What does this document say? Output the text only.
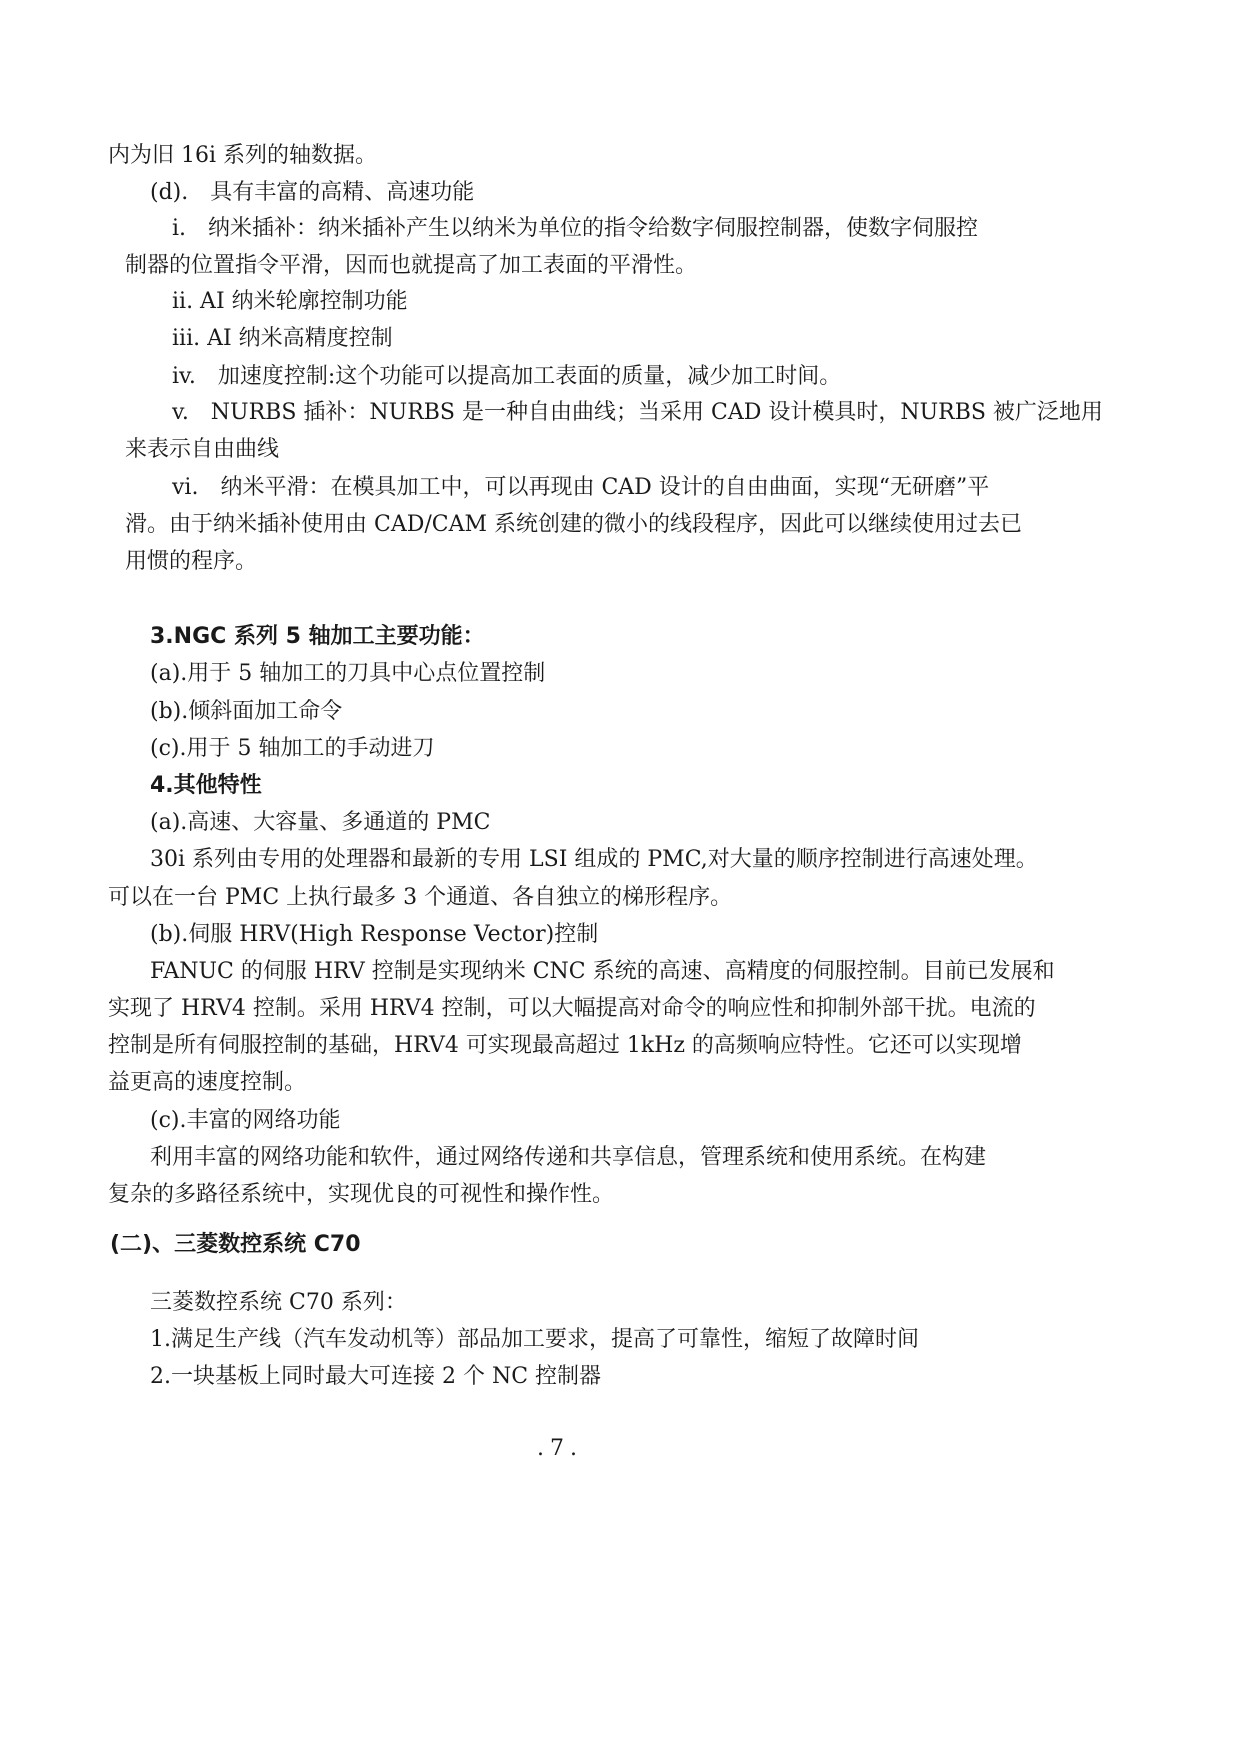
内为旧 16i 系列的轴数据。
(d).　具有丰富的高精、高速功能
i.　纳米插补：纳米插补产生以纳米为单位的指令给数字伺服控制器，使数字伺服控
制器的位置指令平滑，因而也就提高了加工表面的平滑性。
ii. AI 纳米轮廓控制功能
iii. AI 纳米高精度控制
iv.　加速度控制:这个功能可以提高加工表面的质量，减少加工时间。
v.　NURBS 插补：NURBS 是一种自由曲线；当采用 CAD 设计模具时，NURBS 被广泛地用
来表示自由曲线
vi.　纳米平滑：在模具加工中，可以再现由 CAD 设计的自由曲面，实现“无研磨”平
滑。由于纳米插补使用由 CAD/CAM 系统创建的微小的线段程序，因此可以继续使用过去已
用惯的程序。
3.NGC 系列 5 轴加工主要功能：
(a).用于 5 轴加工的刀具中心点位置控制
(b).倾斜面加工命令
(c).用于 5 轴加工的手动进刀
4.其他特性
(a).高速、大容量、多通道的 PMC
30i 系列由专用的处理器和最新的专用 LSI 组成的 PMC,对大量的顺序控制进行高速处理。
可以在一台 PMC 上执行最多 3 个通道、各自独立的梯形程序。
(b).伺服 HRV(High Response Vector)控制
FANUC 的伺服 HRV 控制是实现纳米 CNC 系统的高速、高精度的伺服控制。目前已发展和
实现了 HRV4 控制。采用 HRV4 控制，可以大幅提高对命令的响应性和抑制外部干扰。电流的
控制是所有伺服控制的基础，HRV4 可实现最高超过 1kHz 的高频响应特性。它还可以实现增
益更高的速度控制。
(c).丰富的网络功能
利用丰富的网络功能和软件，通过网络传递和共享信息，管理系统和使用系统。在构建
复杂的多路径系统中，实现优良的可视性和操作性。
(二)、三菱数控系统 C70
三菱数控系统 C70 系列：
1.满足生产线（汽车发动机等）部品加工要求，提高了可靠性，缩短了故障时间
2.一块基板上同时最大可连接 2 个 NC 控制器
.7.
